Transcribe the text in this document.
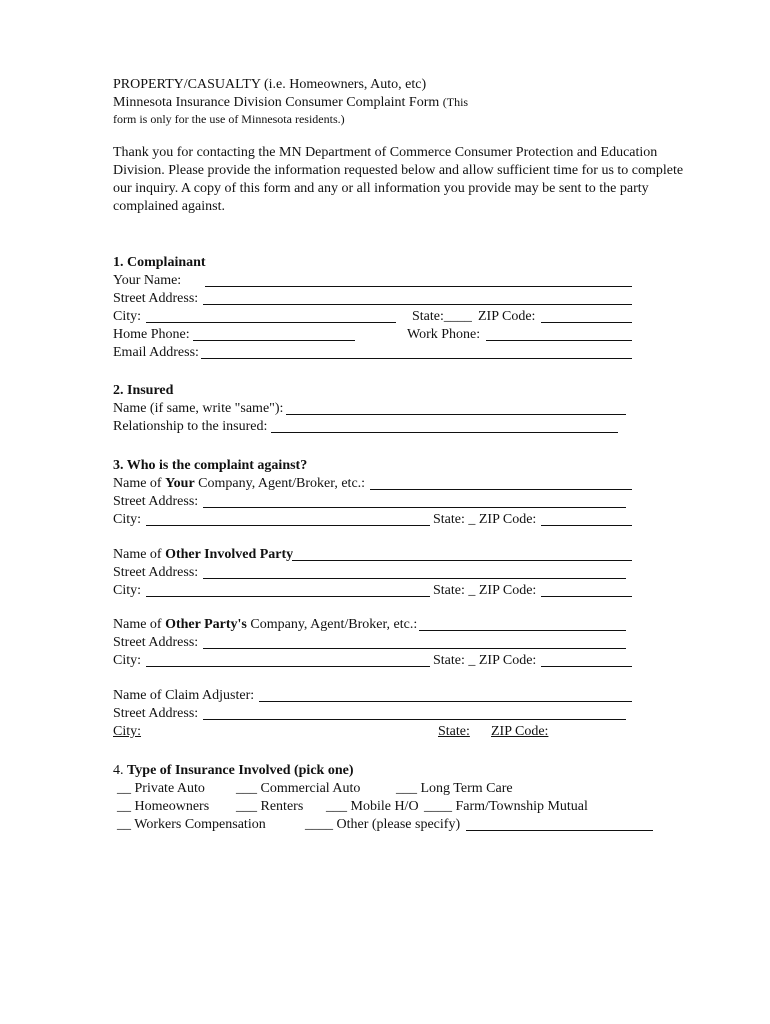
PROPERTY/CASUALTY (i.e. Homeowners, Auto, etc)
Minnesota Insurance Division Consumer Complaint Form (This
form is only for the use of Minnesota residents.)
Thank you for contacting the MN Department of Commerce Consumer Protection and Education
Division. Please provide the information requested below and allow sufficient time for us to complete
our inquiry. A copy of this form and any or all information you provide may be sent to the party
complained against.
1. Complainant
Your Name:
Street Address:
City:	State:____ ZIP Code:
Home Phone:	Work Phone:
Email Address:
2. Insured
Name (if same, write "same"):
Relationship to the insured:
3. Who is the complaint against?
Name of Your Company, Agent/Broker, etc.:
Street Address:
City:	State: _ ZIP Code:
Name of Other Involved Party
Street Address:
City:	State: _ ZIP Code:
Name of Other Party's Company, Agent/Broker, etc.:
Street Address:
City:	State: _ ZIP Code:
Name of Claim Adjuster:
Street Address:
City:	State: ZIP Code:
4. Type of Insurance Involved (pick one)
__ Private Auto ___ Commercial Auto	___ Long Term Care
__ Homeowners ___ Renters ___ Mobile H/O ____ Farm/Township Mutual
__ Workers Compensation	____ Other (please specify)
